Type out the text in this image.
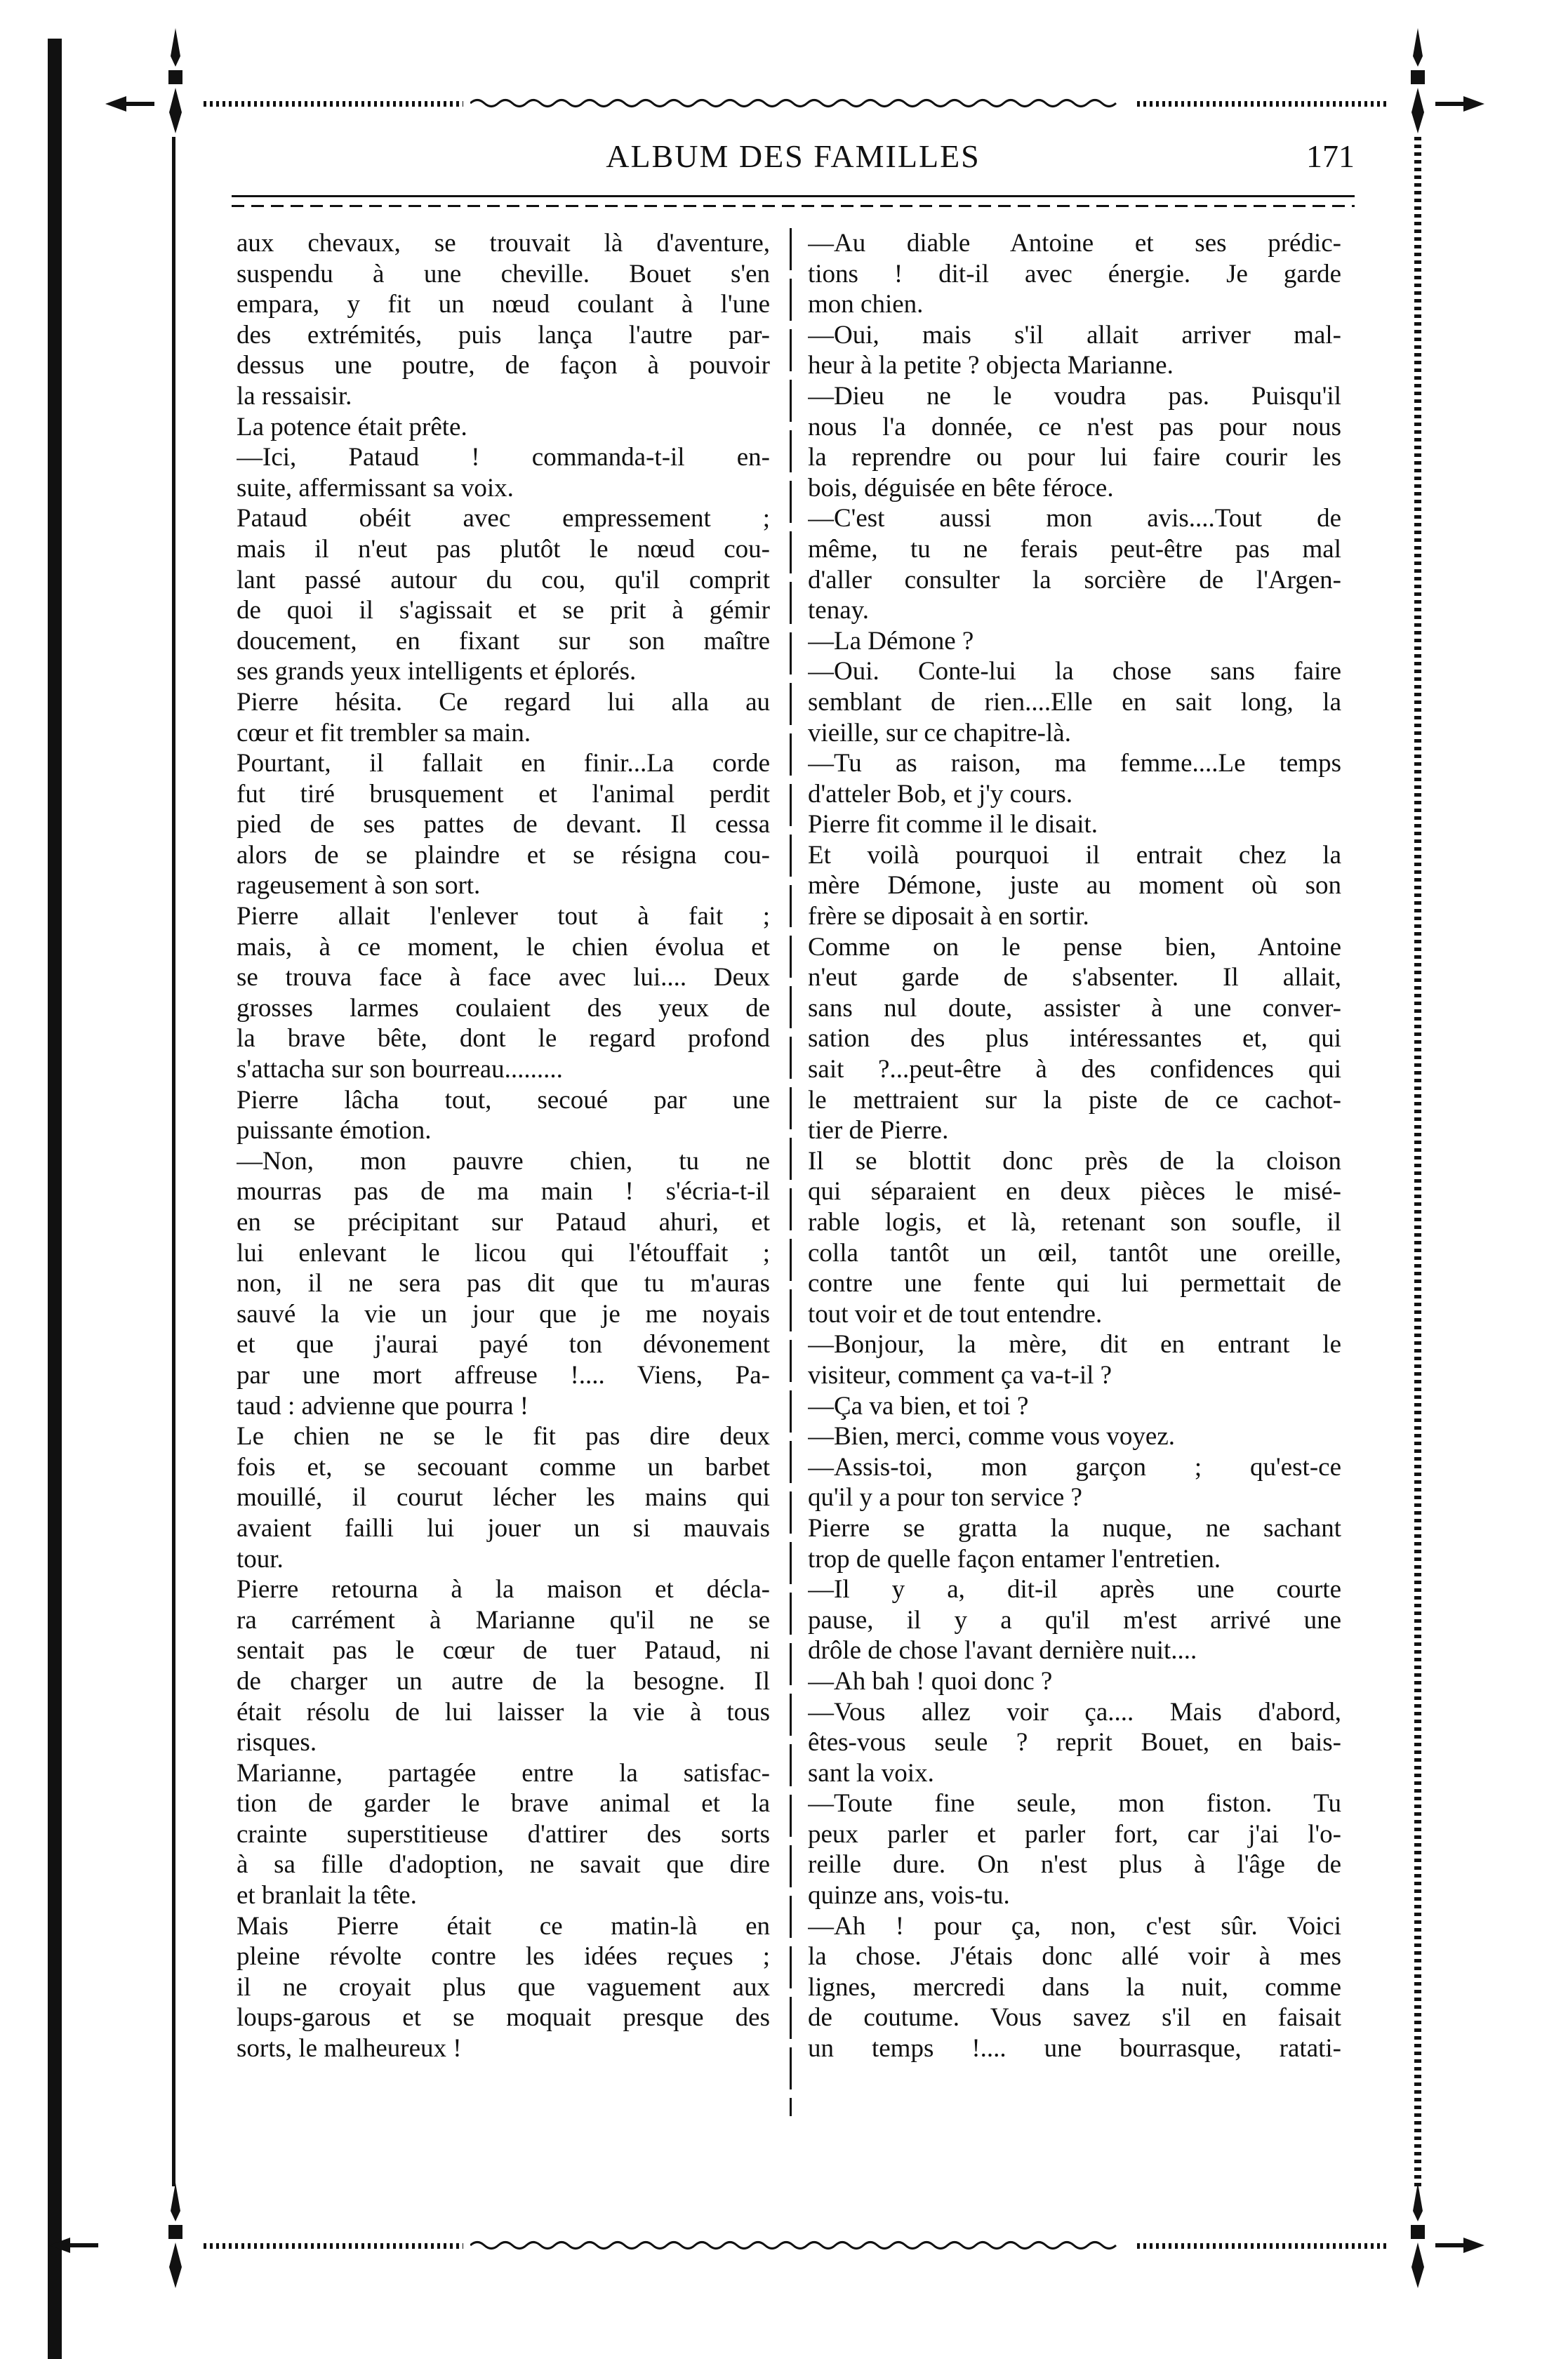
ALBUM DES FAMILLES	171
aux chevaux, se trouvait là d'aventure,
suspendu à une cheville. Bouet s'en
empara, y fit un nœud coulant à l'une
des extrémités, puis lança l'autre par-
dessus une poutre, de façon à pouvoir
la ressaisir.
La potence était prête.
—Ici, Pataud ! commanda-t-il en-
suite, affermissant sa voix.
Pataud obéit avec empressement ;
mais il n'eut pas plutôt le nœud cou-
lant passé autour du cou, qu'il comprit
de quoi il s'agissait et se prit à gémir
doucement, en fixant sur son maître
ses grands yeux intelligents et éplorés.
Pierre hésita. Ce regard lui alla au
cœur et fit trembler sa main.
Pourtant, il fallait en finir...La corde
fut tiré brusquement et l'animal perdit
pied de ses pattes de devant. Il cessa
alors de se plaindre et se résigna cou-
rageusement à son sort.
Pierre allait l'enlever tout à fait ;
mais, à ce moment, le chien évolua et
se trouva face à face avec lui.... Deux
grosses larmes coulaient des yeux de
la brave bête, dont le regard profond
s'attacha sur son bourreau.........
Pierre lâcha tout, secoué par une
puissante émotion.
—Non, mon pauvre chien, tu ne
mourras pas de ma main ! s'écria-t-il
en se précipitant sur Pataud ahuri, et
lui enlevant le licou qui l'étouffait ;
non, il ne sera pas dit que tu m'auras
sauvé la vie un jour que je me noyais
et que j'aurai payé ton dévonement
par une mort affreuse !.... Viens, Pa-
taud : advienne que pourra !
Le chien ne se le fit pas dire deux
fois et, se secouant comme un barbet
mouillé, il courut lécher les mains qui
avaient failli lui jouer un si mauvais
tour.
Pierre retourna à la maison et décla-
ra carrément à Marianne qu'il ne se
sentait pas le cœur de tuer Pataud, ni
de charger un autre de la besogne. Il
était résolu de lui laisser la vie à tous
risques.
Marianne, partagée entre la satisfac-
tion de garder le brave animal et la
crainte superstitieuse d'attirer des sorts
à sa fille d'adoption, ne savait que dire
et branlait la tête.
Mais Pierre était ce matin-là en
pleine révolte contre les idées reçues ;
il ne croyait plus que vaguement aux
loups-garous et se moquait presque des
sorts, le malheureux !
—Au diable Antoine et ses prédic-
tions ! dit-il avec énergie. Je garde
mon chien.
—Oui, mais s'il allait arriver mal-
heur à la petite ? objecta Marianne.
—Dieu ne le voudra pas. Puisqu'il
nous l'a donnée, ce n'est pas pour nous
la reprendre ou pour lui faire courir les
bois, déguisée en bête féroce.
—C'est aussi mon avis....Tout de
même, tu ne ferais peut-être pas mal
d'aller consulter la sorcière de l'Argen-
tenay.
—La Démone ?
—Oui. Conte-lui la chose sans faire
semblant de rien....Elle en sait long, la
vieille, sur ce chapitre-là.
—Tu as raison, ma femme....Le temps
d'atteler Bob, et j'y cours.
Pierre fit comme il le disait.
Et voilà pourquoi il entrait chez la
mère Démone, juste au moment où son
frère se diposait à en sortir.
Comme on le pense bien, Antoine
n'eut garde de s'absenter. Il allait,
sans nul doute, assister à une conver-
sation des plus intéressantes et, qui
sait ?...peut-être à des confidences qui
le mettraient sur la piste de ce cachot-
tier de Pierre.
Il se blottit donc près de la cloison
qui séparaient en deux pièces le misé-
rable logis, et là, retenant son soufle, il
colla tantôt un œil, tantôt une oreille,
contre une fente qui lui permettait de
tout voir et de tout entendre.
—Bonjour, la mère, dit en entrant le
visiteur, comment ça va-t-il ?
—Ça va bien, et toi ?
—Bien, merci, comme vous voyez.
—Assis-toi, mon garçon ; qu'est-ce
qu'il y a pour ton service ?
Pierre se gratta la nuque, ne sachant
trop de quelle façon entamer l'entretien.
—Il y a, dit-il après une courte
pause, il y a qu'il m'est arrivé une
drôle de chose l'avant dernière nuit....
—Ah bah ! quoi donc ?
—Vous allez voir ça.... Mais d'abord,
êtes-vous seule ? reprit Bouet, en bais-
sant la voix.
—Toute fine seule, mon fiston. Tu
peux parler et parler fort, car j'ai l'o-
reille dure. On n'est plus à l'âge de
quinze ans, vois-tu.
—Ah ! pour ça, non, c'est sûr. Voici
la chose. J'étais donc allé voir à mes
lignes, mercredi dans la nuit, comme
de coutume. Vous savez s'il en faisait
un temps !.... une bourrasque, ratati-
